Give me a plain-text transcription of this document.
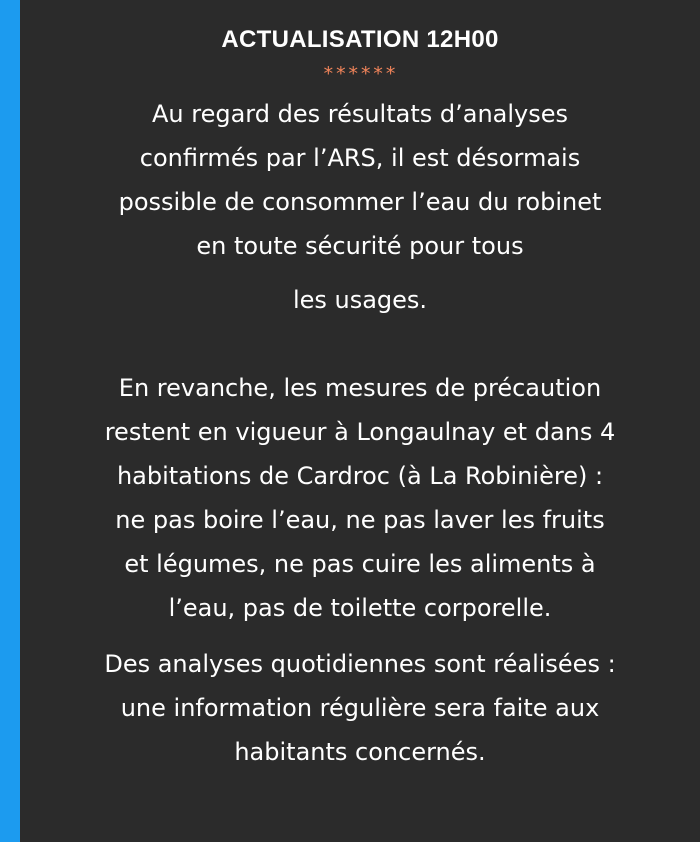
ACTUALISATION 12H00
******

Au regard des résultats d’analyses
confirmés par l’ARS, il est désormais
possible de consommer l’eau du robinet
en toute sécurité pour tous
les usages.

En revanche, les mesures de précaution
restent en vigueur à Longaulnay et dans 4
habitations de Cardroc (à La Robinière) :
ne pas boire l’eau, ne pas laver les fruits
et légumes, ne pas cuire les aliments à
l’eau, pas de toilette corporelle.

Des analyses quotidiennes sont réalisées :
une information régulière sera faite aux
habitants concernés.
